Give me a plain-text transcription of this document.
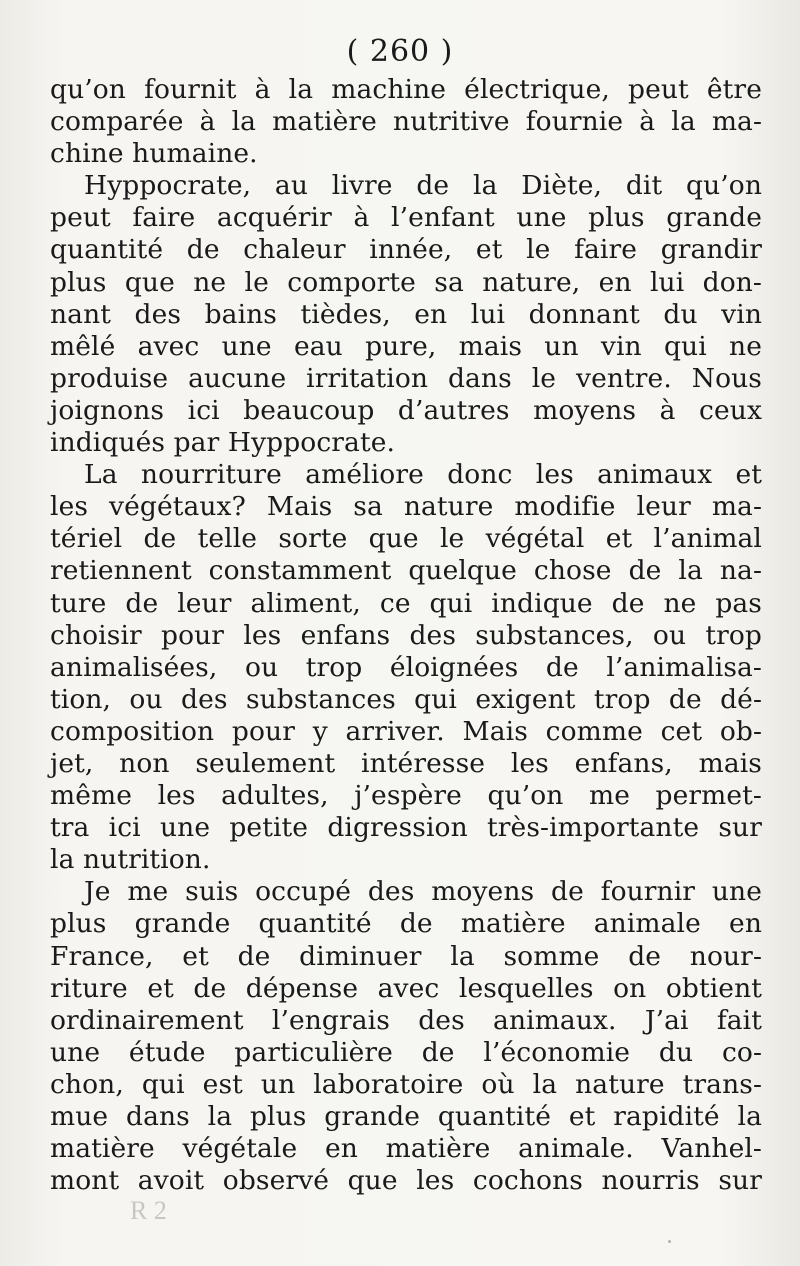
( 260 )
qu’on fournit à la machine électrique, peut être
comparée à la matière nutritive fournie à la ma-
chine humaine.
Hyppocrate, au livre de la Diète, dit qu’on
peut faire acquérir à l’enfant une plus grande
quantité de chaleur innée, et le faire grandir
plus que ne le comporte sa nature, en lui don-
nant des bains tièdes, en lui donnant du vin
mêlé avec une eau pure, mais un vin qui ne
produise aucune irritation dans le ventre. Nous
joignons ici beaucoup d’autres moyens à ceux
indiqués par Hyppocrate.
La nourriture améliore donc les animaux et
les végétaux? Mais sa nature modifie leur ma-
tériel de telle sorte que le végétal et l’animal
retiennent constamment quelque chose de la na-
ture de leur aliment, ce qui indique de ne pas
choisir pour les enfans des substances, ou trop
animalisées, ou trop éloignées de l’animalisa-
tion, ou des substances qui exigent trop de dé-
composition pour y arriver. Mais comme cet ob-
jet, non seulement intéresse les enfans, mais
même les adultes, j’espère qu’on me permet-
tra ici une petite digression très-importante sur
la nutrition.
Je me suis occupé des moyens de fournir une
plus grande quantité de matière animale en
France, et de diminuer la somme de nour-
riture et de dépense avec lesquelles on obtient
ordinairement l’engrais des animaux. J’ai fait
une étude particulière de l’économie du co-
chon, qui est un laboratoire où la nature trans-
mue dans la plus grande quantité et rapidité la
matière végétale en matière animale. Vanhel-
mont avoit observé que les cochons nourris sur
R 2
